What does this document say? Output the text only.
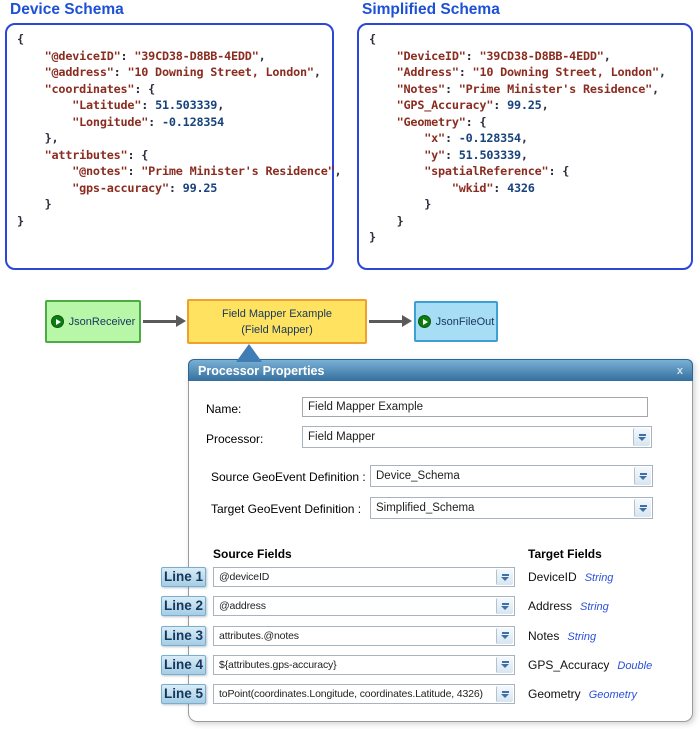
Device Schema
{
"@deviceID": "39CD38-D8BB-4EDD",
"@address": "10 Downing Street, London",
"coordinates": {
"Latitude": 51.503339,
"Longitude": -0.128354
},
"attributes": {
"@notes": "Prime Minister's Residence",
"gps-accuracy": 99.25
}
}
Simplified Schema
{
"DeviceID": "39CD38-D8BB-4EDD",
"Address": "10 Downing Street, London",
"Notes": "Prime Minister's Residence",
"GPS_Accuracy": 99.25,
"Geometry": {
"x": -0.128354,
"y": 51.503339,
"spatialReference": {
"wkid": 4326
}
}
}
JsonReceiver
Field Mapper Example
(Field Mapper)
JsonFileOut
Processor Properties	x
Name:
Field Mapper Example
Processor:	Field Mapper
Source GeoEvent Definition : Device_Schema
Target GeoEvent Definition : Simplified_Schema
Source Fields	Target Fields
Line 1 @deviceID	DeviceID String
Line 2 @address	Address String
Line 3 attributes.@notes	Notes String
Line 4 ${attributes.gps-accuracy}	GPS_Accuracy Double
Line 5 toPoint(coordinates.Longitude, coordinates.Latitude, 4326)	Geometry Geometry
